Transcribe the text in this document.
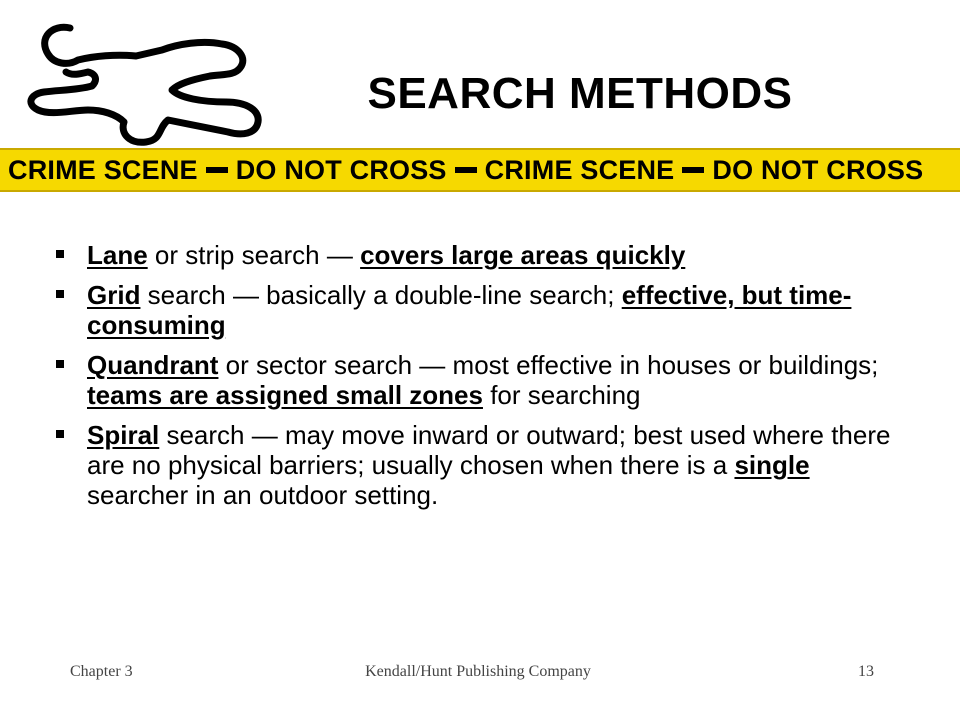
SEARCH METHODS
CRIME SCENE DO NOT CROSS CRIME SCENE DO NOT CROSS
Lane or strip search — covers large areas quickly
Grid search — basically a double-line search; effective, but time-consuming
Quandrant or sector search — most effective in houses or buildings; teams are assigned small zones for searching
Spiral search — may move inward or outward; best used where there are no physical barriers; usually chosen when there is a single searcher in an outdoor setting.
Chapter 3	Kendall/Hunt Publishing Company	13
